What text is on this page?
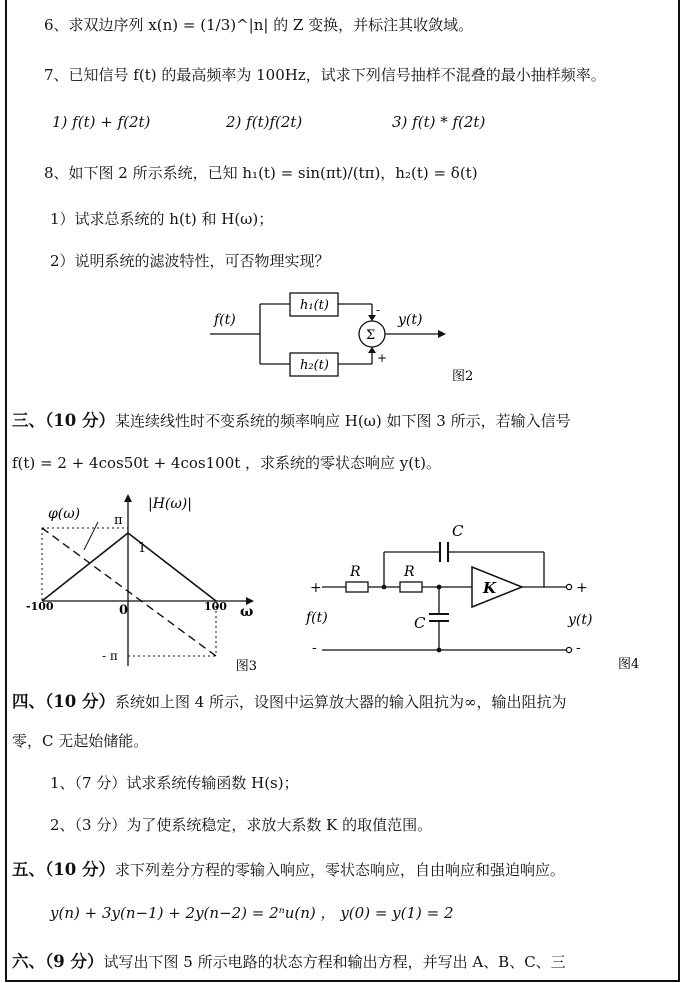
6、求双边序列 x(n) = (1/3)^|n| 的 Z 变换，并标注其收敛域。
7、已知信号 f(t) 的最高频率为 100Hz，试求下列信号抽样不混叠的最小抽样频率。
1) f(t) + f(2t)	2) f(t)f(2t)	3) f(t) * f(2t)
8、如下图 2 所示系统，已知 h₁(t) = sin(πt)/(tπ)，h₂(t) = δ(t)
1）试求总系统的 h(t) 和 H(ω)；
2）说明系统的滤波特性，可否物理实现？
f(t)
h₁(t)
h₂(t)
Σ
-
+
y(t)
图2
三、（10 分）某连续线性时不变系统的频率响应 H(ω) 如下图 3 所示，若输入信号
f(t) = 2 + 4cos50t + 4cos100t ，求系统的零状态响应 y(t)。
φ(ω)
|H(ω)|
π
1
-100	0	100 ω
- π
图3
C
R	R
K
C
+
-
+
-
f(t)	y(t)
图4
四、（10 分）系统如上图 4 所示，设图中运算放大器的输入阻抗为∞，输出阻抗为
零，C 无起始储能。
1、（7 分）试求系统传输函数 H(s)；
2、（3 分）为了使系统稳定，求放大系数 K 的取值范围。
五、（10 分）求下列差分方程的零输入响应，零状态响应，自由响应和强迫响应。
y(n) + 3y(n−1) + 2y(n−2) = 2ⁿu(n) ， y(0) = y(1) = 2
六、（9 分）试写出下图 5 所示电路的状态方程和输出方程，并写出 A、B、C、三
